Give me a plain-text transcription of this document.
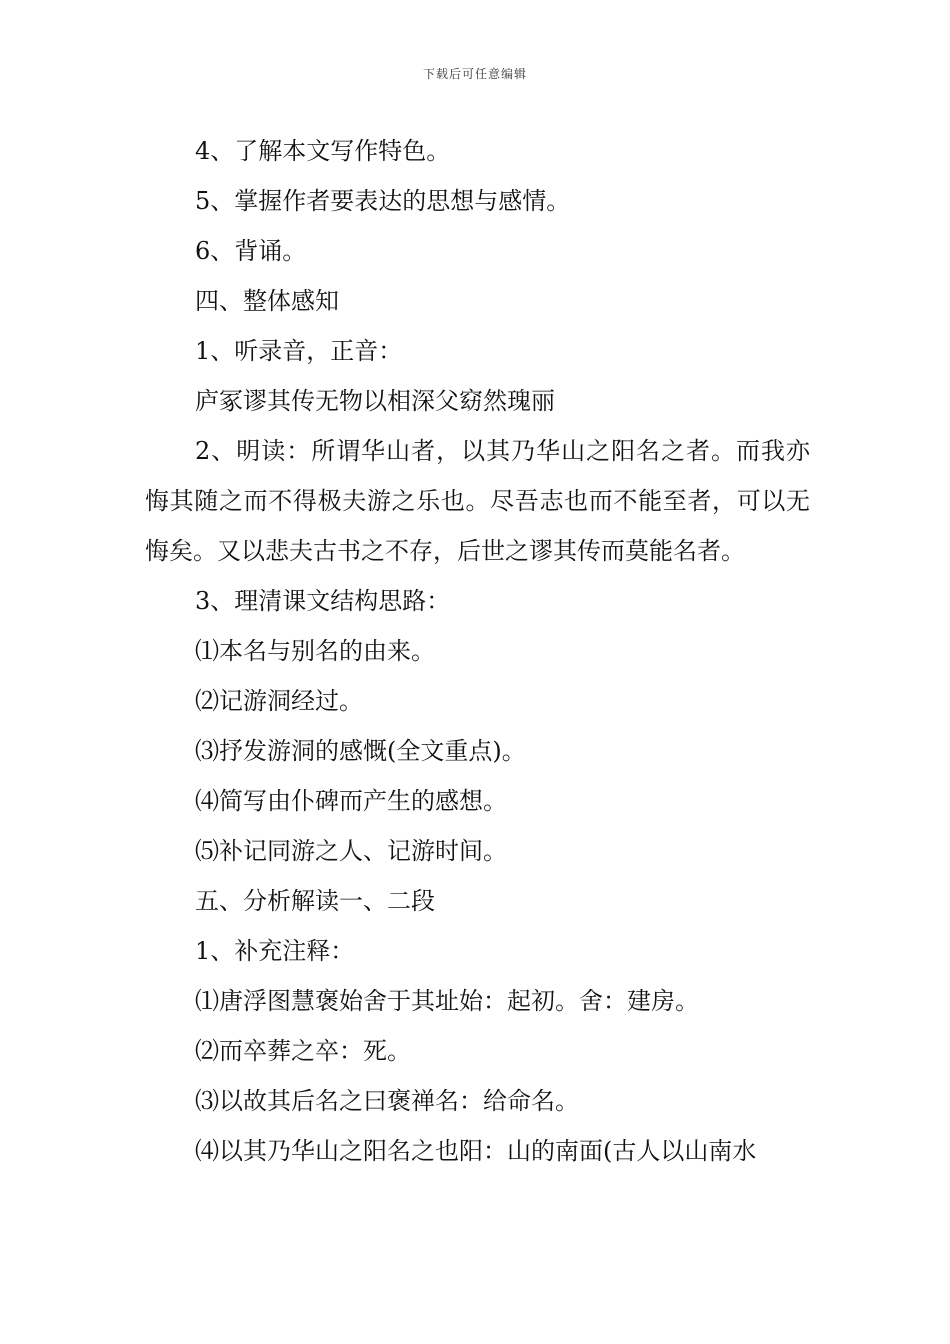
下载后可任意编辑

4、了解本文写作特色。

5、掌握作者要表达的思想与感情。

6、背诵。

四、整体感知

1、听录音，正音：

庐冢谬其传无物以相深父窈然瑰丽

2、明读：所谓华山者，以其乃华山之阳名之者。而我亦悔其随之而不得极夫游之乐也。尽吾志也而不能至者，可以无悔矣。又以悲夫古书之不存，后世之谬其传而莫能名者。

3、理清课文结构思路：

⑴本名与别名的由来。

⑵记游洞经过。

⑶抒发游洞的感慨(全文重点)。

⑷简写由仆碑而产生的感想。

⑸补记同游之人、记游时间。

五、分析解读一、二段

1、补充注释：

⑴唐浮图慧褒始舍于其址始：起初。舍：建房。

⑵而卒葬之卒：死。

⑶以故其后名之曰褒禅名：给命名。

⑷以其乃华山之阳名之也阳：山的南面(古人以山南水
